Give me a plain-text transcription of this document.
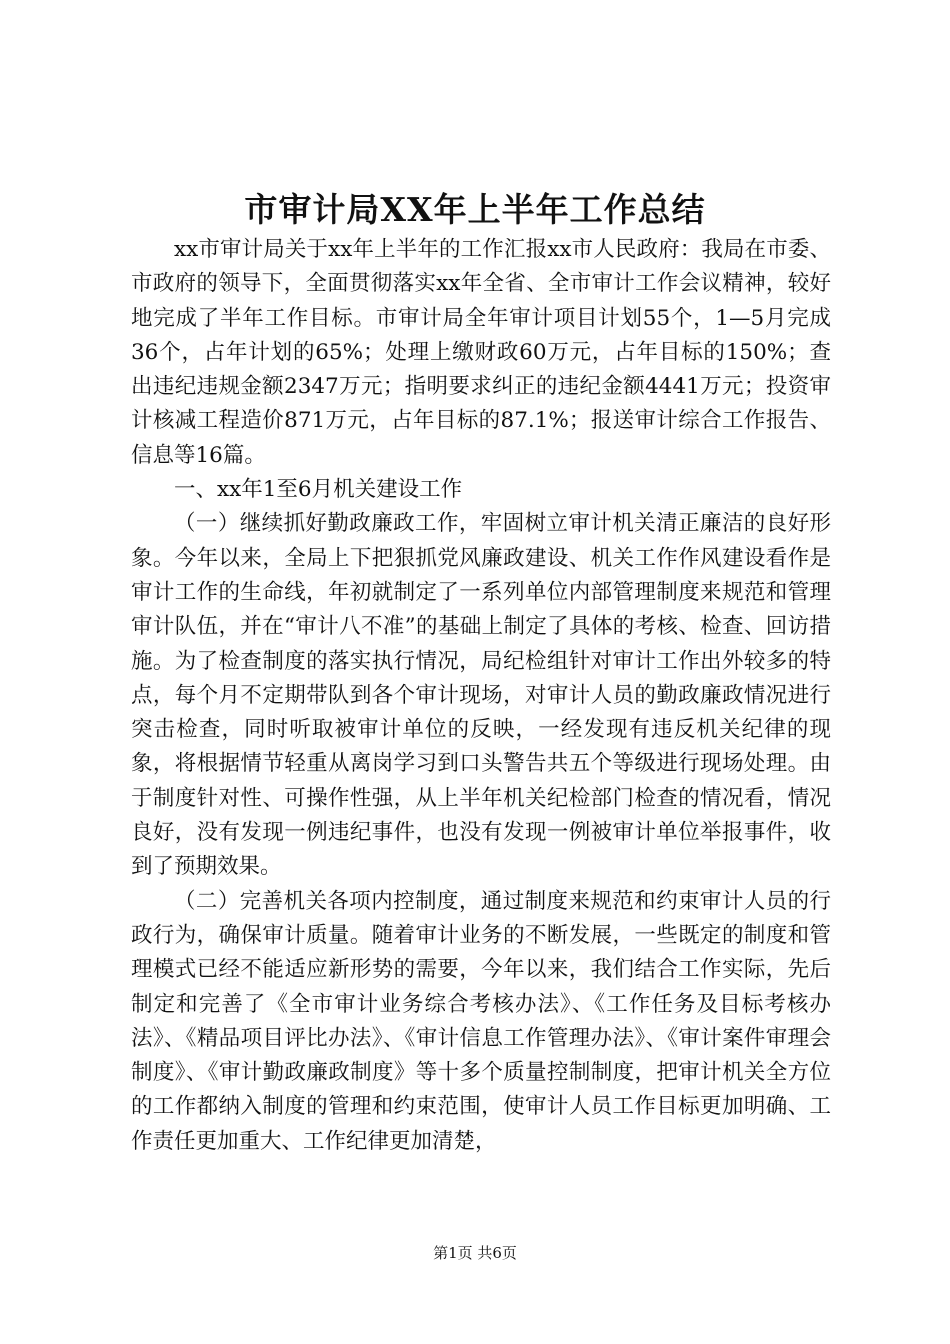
市审计局XX年上半年工作总结

xx市审计局关于xx年上半年的工作汇报xx市人民政府：我局在市委、市政府的领导下，全面贯彻落实xx年全省、全市审计工作会议精神，较好地完成了半年工作目标。市审计局全年审计项目计划55个，1—5月完成36个，占年计划的65%；处理上缴财政60万元，占年目标的150%；查出违纪违规金额2347万元；指明要求纠正的违纪金额4441万元；投资审计核减工程造价871万元，占年目标的87.1%；报送审计综合工作报告、信息等16篇。

一、xx年1至6月机关建设工作

（一）继续抓好勤政廉政工作，牢固树立审计机关清正廉洁的良好形象。今年以来，全局上下把狠抓党风廉政建设、机关工作作风建设看作是审计工作的生命线，年初就制定了一系列单位内部管理制度来规范和管理审计队伍，并在“审计八不准”的基础上制定了具体的考核、检查、回访措施。为了检查制度的落实执行情况，局纪检组针对审计工作出外较多的特点，每个月不定期带队到各个审计现场，对审计人员的勤政廉政情况进行突击检查，同时听取被审计单位的反映，一经发现有违反机关纪律的现象，将根据情节轻重从离岗学习到口头警告共五个等级进行现场处理。由于制度针对性、可操作性强，从上半年机关纪检部门检查的情况看，情况良好，没有发现一例违纪事件，也没有发现一例被审计单位举报事件，收到了预期效果。

（二）完善机关各项内控制度，通过制度来规范和约束审计人员的行政行为，确保审计质量。随着审计业务的不断发展，一些既定的制度和管理模式已经不能适应新形势的需要，今年以来，我们结合工作实际，先后制定和完善了《全市审计业务综合考核办法》、《工作任务及目标考核办法》、《精品项目评比办法》、《审计信息工作管理办法》、《审计案件审理会制度》、《审计勤政廉政制度》等十多个质量控制制度，把审计机关全方位的工作都纳入制度的管理和约束范围，使审计人员工作目标更加明确、工作责任更加重大、工作纪律更加清楚，

第1页 共6页
